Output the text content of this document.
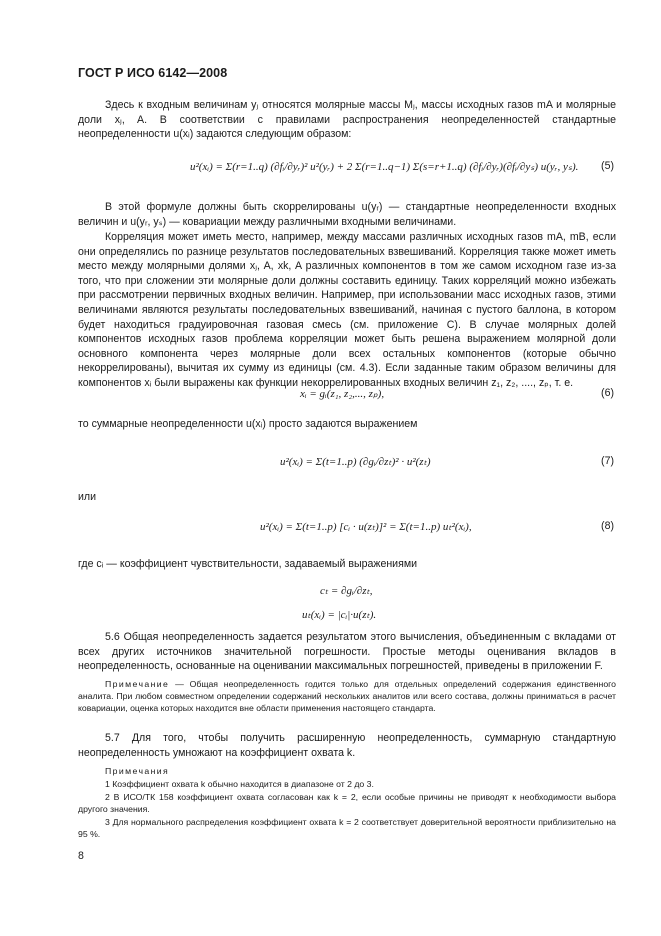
ГОСТ Р ИСО 6142—2008
Здесь к входным величинам yⱼ относятся молярные массы Mⱼ, массы исходных газов mA и молярные доли xⱼ, A. В соответствии с правилами распространения неопределенностей стандартные неопределенности u(xᵢ) задаются следующим образом:
u²(xᵢ) = Σ(r=1..q) (∂fᵢ/∂yᵣ)² u²(yᵣ) + 2 Σ(r=1..q−1) Σ(s=r+1..q) (∂fᵢ/∂yᵣ)(∂fᵢ/∂yₛ) u(yᵣ, yₛ). (5)
В этой формуле должны быть скоррелированы u(yᵣ) — стандартные неопределенности входных величин и u(yᵣ, yₛ) — ковариации между различными входными величинами.
Корреляция может иметь место, например, между массами различных исходных газов mA, mB, если они определялись по разнице результатов последовательных взвешиваний. Корреляция также может иметь место между молярными долями xⱼ, A, xk, A различных компонентов в том же самом исходном газе из-за того, что при сложении эти молярные доли должны составить единицу. Таких корреляций можно избежать при рассмотрении первичных входных величин. Например, при использовании масс исходных газов, этими величинами являются результаты последовательных взвешиваний, начиная с пустого баллона, в котором будет находиться градуировочная газовая смесь (см. приложение С). В случае молярных долей компонентов исходных газов проблема корреляции может быть решена выражением молярной доли основного компонента через молярные доли всех остальных компонентов (которые обычно некоррелированы), вычитая их сумму из единицы (см. 4.3). Если заданные таким образом величины для компонентов xᵢ были выражены как функции некоррелированных входных величин z₁, z₂, ...., zₚ, т. е.
xᵢ = gᵢ(z₁, z₂,..., zₚ),	(6)
то суммарные неопределенности u(xᵢ) просто задаются выражением
u²(xᵢ) = Σ(t=1..p) (∂gᵢ/∂zₜ)² · u²(zₜ)	(7)
или
u²(xᵢ) = Σ(t=1..p) [cᵢ · u(zₜ)]² = Σ(t=1..p) uₜ²(xᵢ),	(8)
где cᵢ — коэффициент чувствительности, задаваемый выражениями
cₜ = ∂gᵢ/∂zₜ,
uₜ(xᵢ) = |cᵢ|·u(zₜ).
5.6 Общая неопределенность задается результатом этого вычисления, объединенным с вкладами от всех других источников значительной погрешности. Простые методы оценивания вкладов в неопределенность, основанные на оценивании максимальных погрешностей, приведены в приложении F.
Примечание — Общая неопределенность годится только для отдельных определений содержания единственного аналита. При любом совместном определении содержаний нескольких аналитов или всего состава, должны приниматься в расчет ковариации, оценка которых находится вне области применения настоящего стандарта.
5.7 Для того, чтобы получить расширенную неопределенность, суммарную стандартную неопределенность умножают на коэффициент охвата k.
Примечания
1 Коэффициент охвата k обычно находится в диапазоне от 2 до 3.
2 В ИСО/ТК 158 коэффициент охвата согласован как k = 2, если особые причины не приводят к необходимости выбора другого значения.
3 Для нормального распределения коэффициент охвата k = 2 соответствует доверительной вероятности приблизительно на 95 %.
8
